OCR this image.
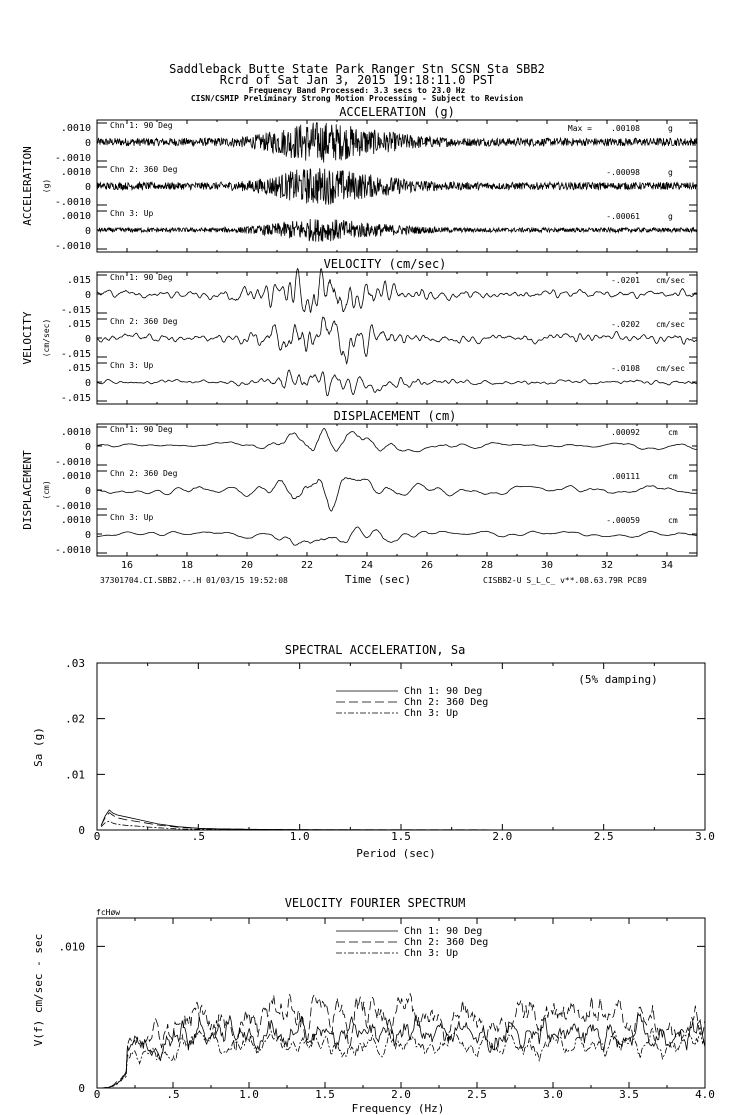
Saddleback Butte State Park Ranger Stn SCSN Sta SBB2
Rcrd of Sat Jan 3, 2015 19:18:11.0 PST
Frequency Band Processed: 3.3 secs to 23.0 Hz
CISN/CSMIP Preliminary Strong Motion Processing - Subject to Revision
ACCELERATION (g)
VELOCITY (cm/sec)
DISPLACEMENT (cm)
ACCELERATION (g)
VELOCITY (cm/sec)
DISPLACEMENT (cm)
Time (sec)
37301704.CI.SBB2.--.H 01/03/15 19:52:08	CISBB2-U S_L_C_ v**.08.63.79R PC89
SPECTRAL ACCELERATION, Sa
(5% damping)
Sa (g)
Period (sec)
VELOCITY FOURIER SPECTRUM
fcHøw
V(f) cm/sec - sec
Frequency (Hz)
.0010
0
-.0010
Chn 1: 90 Deg	.00108	g
Max =
.0010
0
-.0010
Chn 2: 360 Deg	-.00098	g
.0010
0
-.0010
Chn 3: Up	-.00061	g
.015
0
-.015
Chn 1: 90 Deg	-.0201 cm/sec
.015
0
-.015
Chn 2: 360 Deg	-.0202 cm/sec
.015
0
-.015
Chn 3: Up	-.0108 cm/sec
.0010
0
-.0010
Chn 1: 90 Deg	.00092	cm
.0010
0
-.0010
Chn 2: 360 Deg	.00111	cm
.0010
0
-.0010
Chn 3: Up	-.00059	cm
16	18	20	22	24	26	28	30	32	34
0	.5	1.0	1.5	2.0	2.5	3.0
0
.01
.02
.03
Chn 1: 90 Deg
Chn 2: 360 Deg
Chn 3: Up
0	.5	1.0	1.5	2.0	2.5	3.0	3.5	4.0
0
.010
Chn 1: 90 Deg
Chn 2: 360 Deg
Chn 3: Up
